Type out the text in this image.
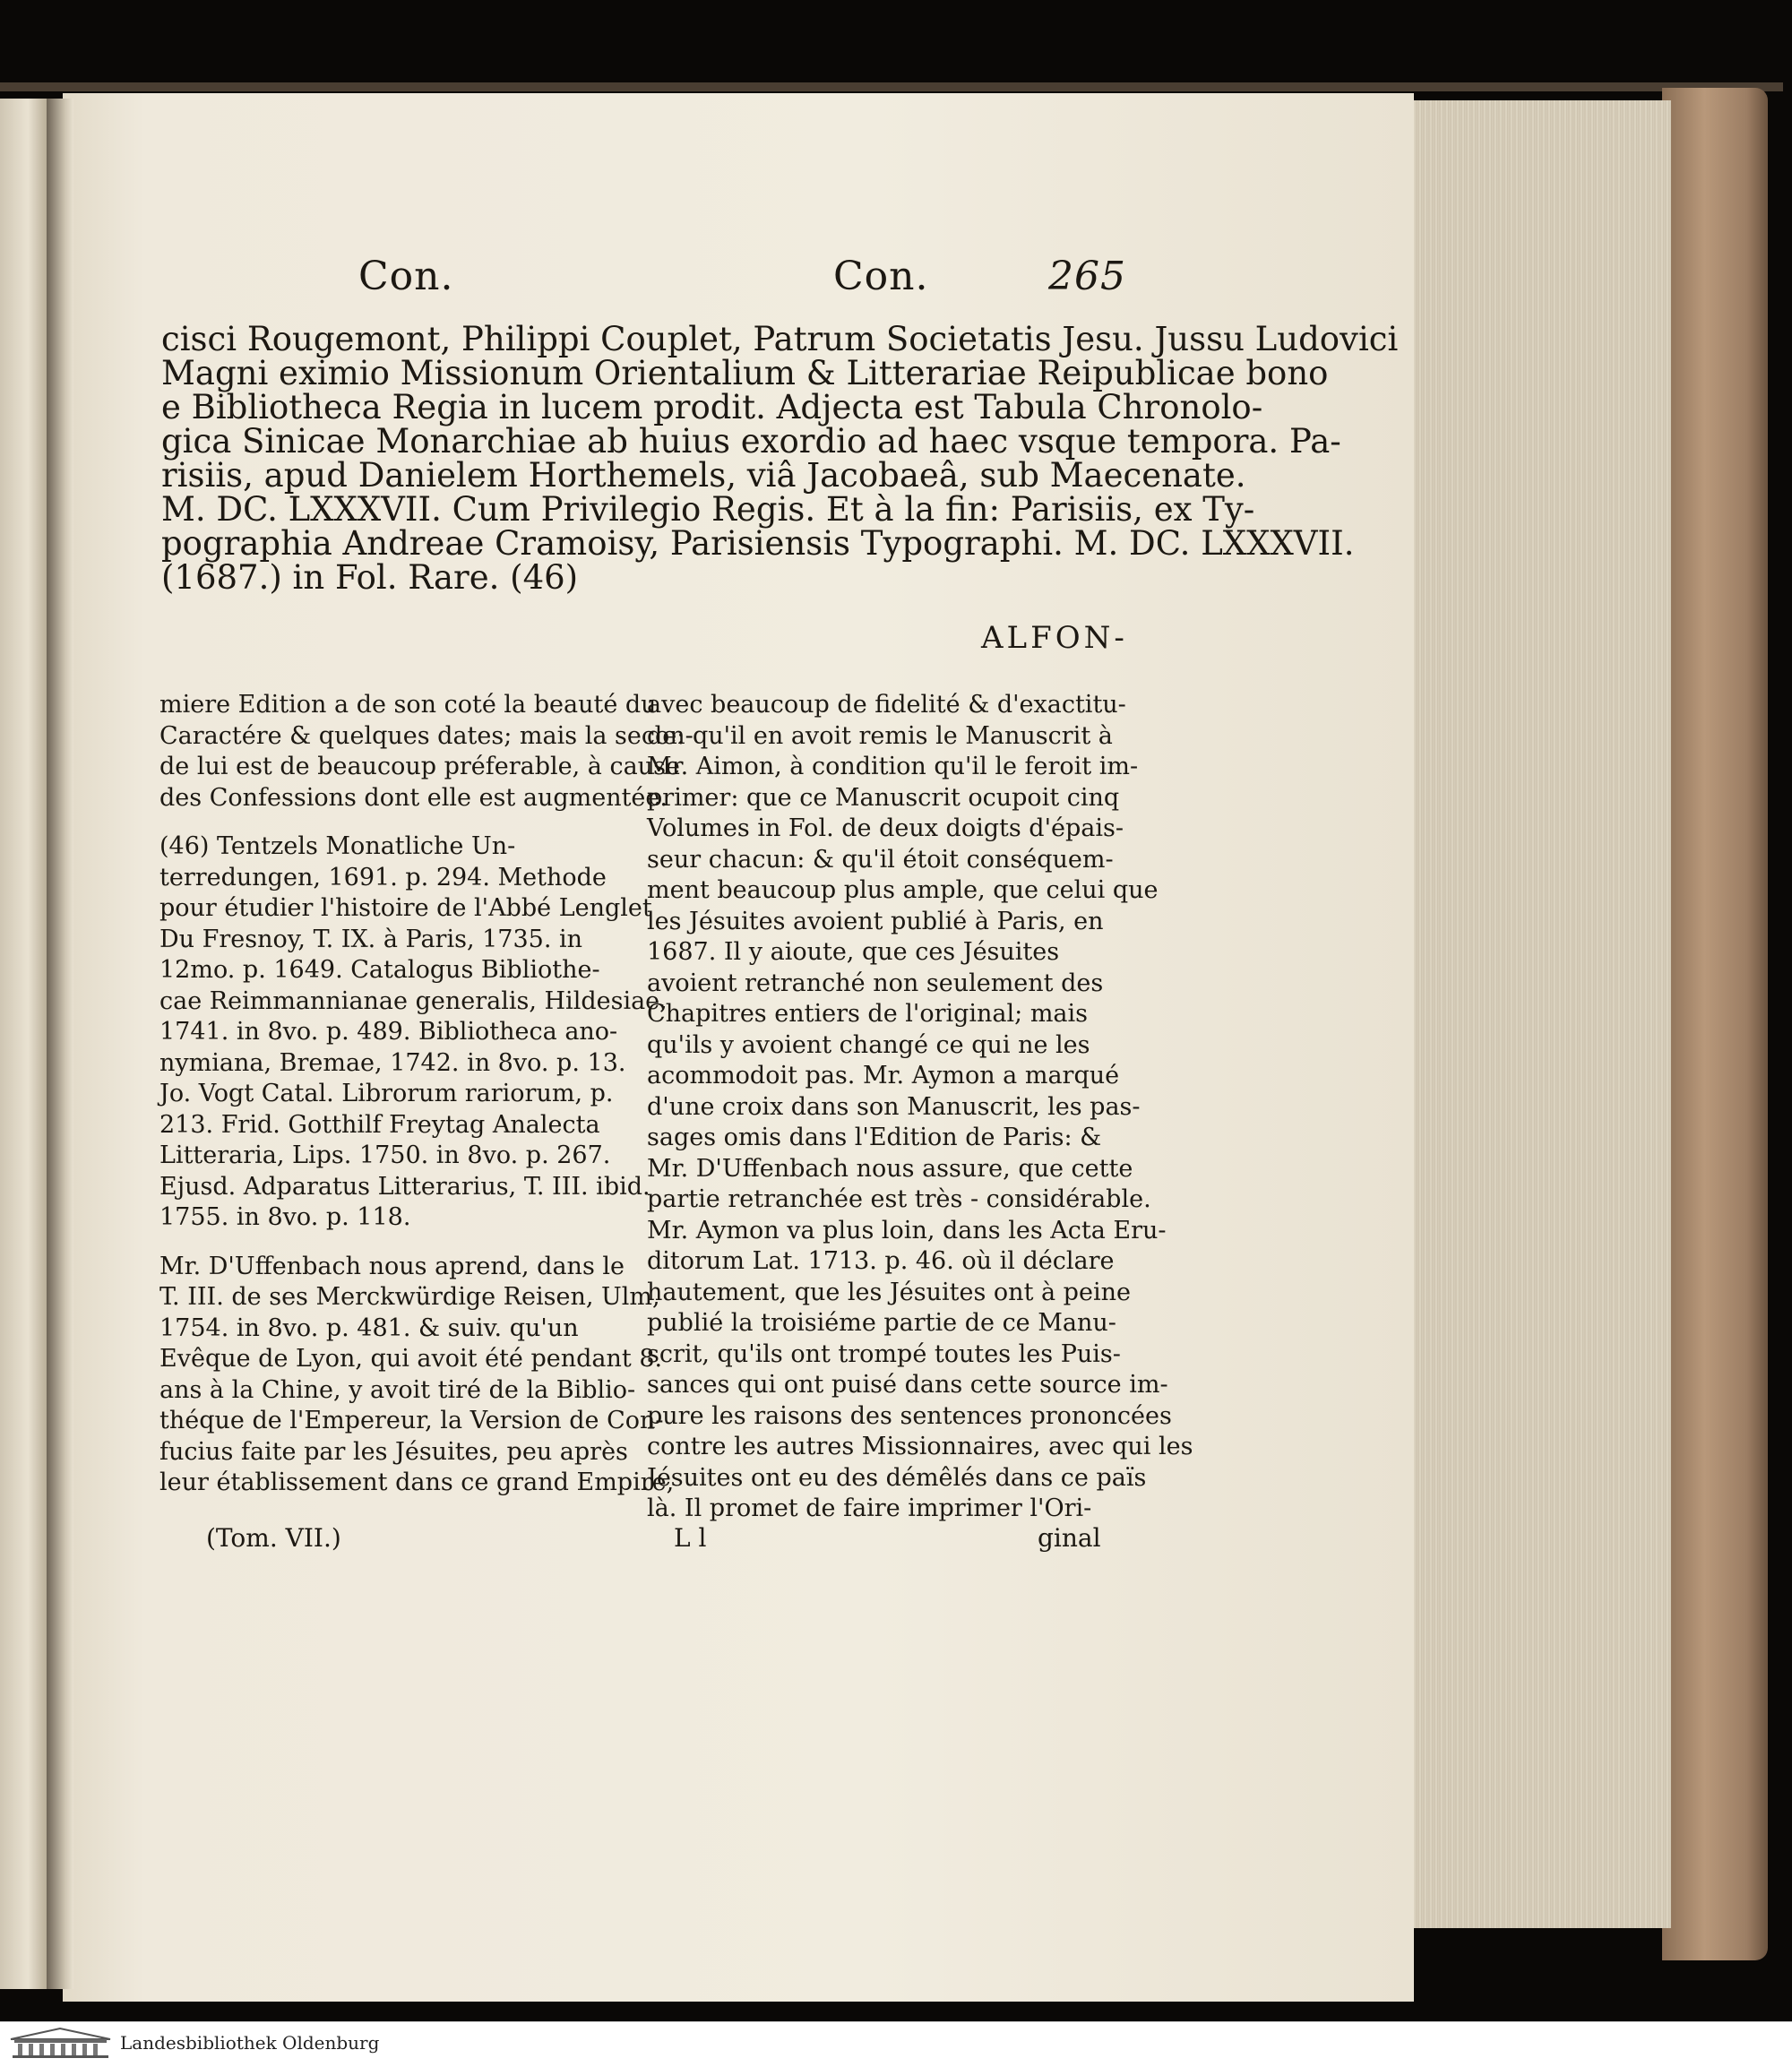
Con.	Con.	265
cisci Rougemont, Philippi Couplet, Patrum Societatis Jesu. Jussu Ludovici
Magni eximio Missionum Orientalium & Litterariae Reipublicae bono
e Bibliotheca Regia in lucem prodit. Adjecta est Tabula Chronolo-
gica Sinicae Monarchiae ab huius exordio ad haec vsque tempora. Pa-
risiis, apud Danielem Horthemels, viâ Jacobaeâ, sub Maecenate.
M. DC. LXXXVII. Cum Privilegio Regis. Et à la fin: Parisiis, ex Ty-
pographia Andreae Cramoisy, Parisiensis Typographi. M. DC. LXXXVII.
(1687.) in Fol. Rare. (46)
ALFON-
miere Edition a de son coté la beauté du
Caractére & quelques dates; mais la secon-
de lui est de beaucoup préferable, à cause
des Confessions dont elle est augmentée.
(46) Tentzels Monatliche Un-
terredungen, 1691. p. 294. Methode
pour étudier l'histoire de l'Abbé Lenglet
Du Fresnoy, T. IX. à Paris, 1735. in
12mo. p. 1649. Catalogus Bibliothe-
cae Reimmannianae generalis, Hildesiae,
1741. in 8vo. p. 489. Bibliotheca ano-
nymiana, Bremae, 1742. in 8vo. p. 13.
Jo. Vogt Catal. Librorum rariorum, p.
213. Frid. Gotthilf Freytag Analecta
Litteraria, Lips. 1750. in 8vo. p. 267.
Ejusd. Adparatus Litterarius, T. III. ibid.
1755. in 8vo. p. 118.
Mr. D'Uffenbach nous aprend, dans le
T. III. de ses Merckwürdige Reisen, Ulm,
1754. in 8vo. p. 481. & suiv. qu'un
Evêque de Lyon, qui avoit été pendant 8.
ans à la Chine, y avoit tiré de la Biblio-
théque de l'Empereur, la Version de Con-
fucius faite par les Jésuites, peu après
leur établissement dans ce grand Empire,
avec beaucoup de fidelité & d'exactitu-
de: qu'il en avoit remis le Manuscrit à
Mr. Aimon, à condition qu'il le feroit im-
primer: que ce Manuscrit ocupoit cinq
Volumes in Fol. de deux doigts d'épais-
seur chacun: & qu'il étoit conséquem-
ment beaucoup plus ample, que celui que
les Jésuites avoient publié à Paris, en
1687. Il y aioute, que ces Jésuites
avoient retranché non seulement des
Chapitres entiers de l'original; mais
qu'ils y avoient changé ce qui ne les
acommodoit pas. Mr. Aymon a marqué
d'une croix dans son Manuscrit, les pas-
sages omis dans l'Edition de Paris: &
Mr. D'Uffenbach nous assure, que cette
partie retranchée est très - considérable.
Mr. Aymon va plus loin, dans les Acta Eru-
ditorum Lat. 1713. p. 46. où il déclare
hautement, que les Jésuites ont à peine
publié la troisiéme partie de ce Manu-
scrit, qu'ils ont trompé toutes les Puis-
sances qui ont puisé dans cette source im-
pure les raisons des sentences prononcées
contre les autres Missionnaires, avec qui les
Jésuites ont eu des démêlés dans ce païs
là. Il promet de faire imprimer l'Ori-
(Tom. VII.)	L l	ginal
Landesbibliothek Oldenburg
